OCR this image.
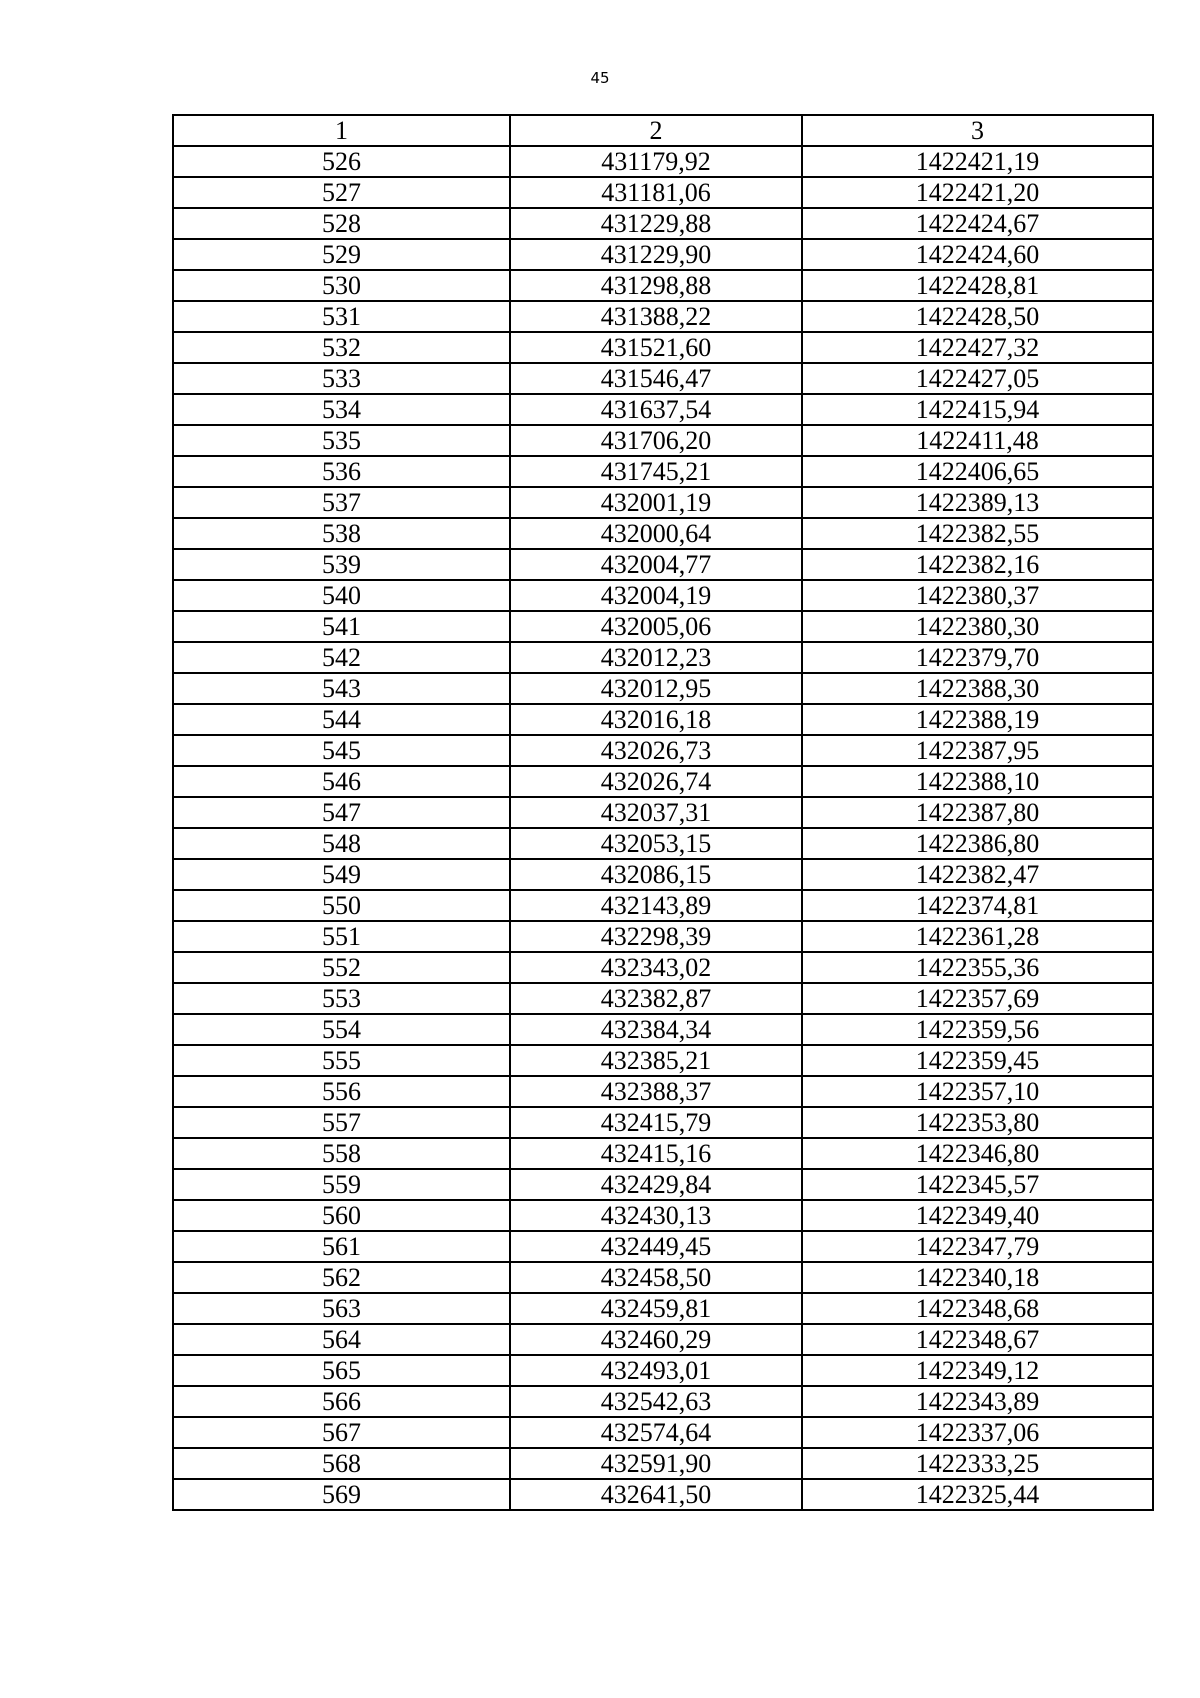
45
1	2	3
526	431179,92	1422421,19
527	431181,06	1422421,20
528	431229,88	1422424,67
529	431229,90	1422424,60
530	431298,88	1422428,81
531	431388,22	1422428,50
532	431521,60	1422427,32
533	431546,47	1422427,05
534	431637,54	1422415,94
535	431706,20	1422411,48
536	431745,21	1422406,65
537	432001,19	1422389,13
538	432000,64	1422382,55
539	432004,77	1422382,16
540	432004,19	1422380,37
541	432005,06	1422380,30
542	432012,23	1422379,70
543	432012,95	1422388,30
544	432016,18	1422388,19
545	432026,73	1422387,95
546	432026,74	1422388,10
547	432037,31	1422387,80
548	432053,15	1422386,80
549	432086,15	1422382,47
550	432143,89	1422374,81
551	432298,39	1422361,28
552	432343,02	1422355,36
553	432382,87	1422357,69
554	432384,34	1422359,56
555	432385,21	1422359,45
556	432388,37	1422357,10
557	432415,79	1422353,80
558	432415,16	1422346,80
559	432429,84	1422345,57
560	432430,13	1422349,40
561	432449,45	1422347,79
562	432458,50	1422340,18
563	432459,81	1422348,68
564	432460,29	1422348,67
565	432493,01	1422349,12
566	432542,63	1422343,89
567	432574,64	1422337,06
568	432591,90	1422333,25
569	432641,50	1422325,44
